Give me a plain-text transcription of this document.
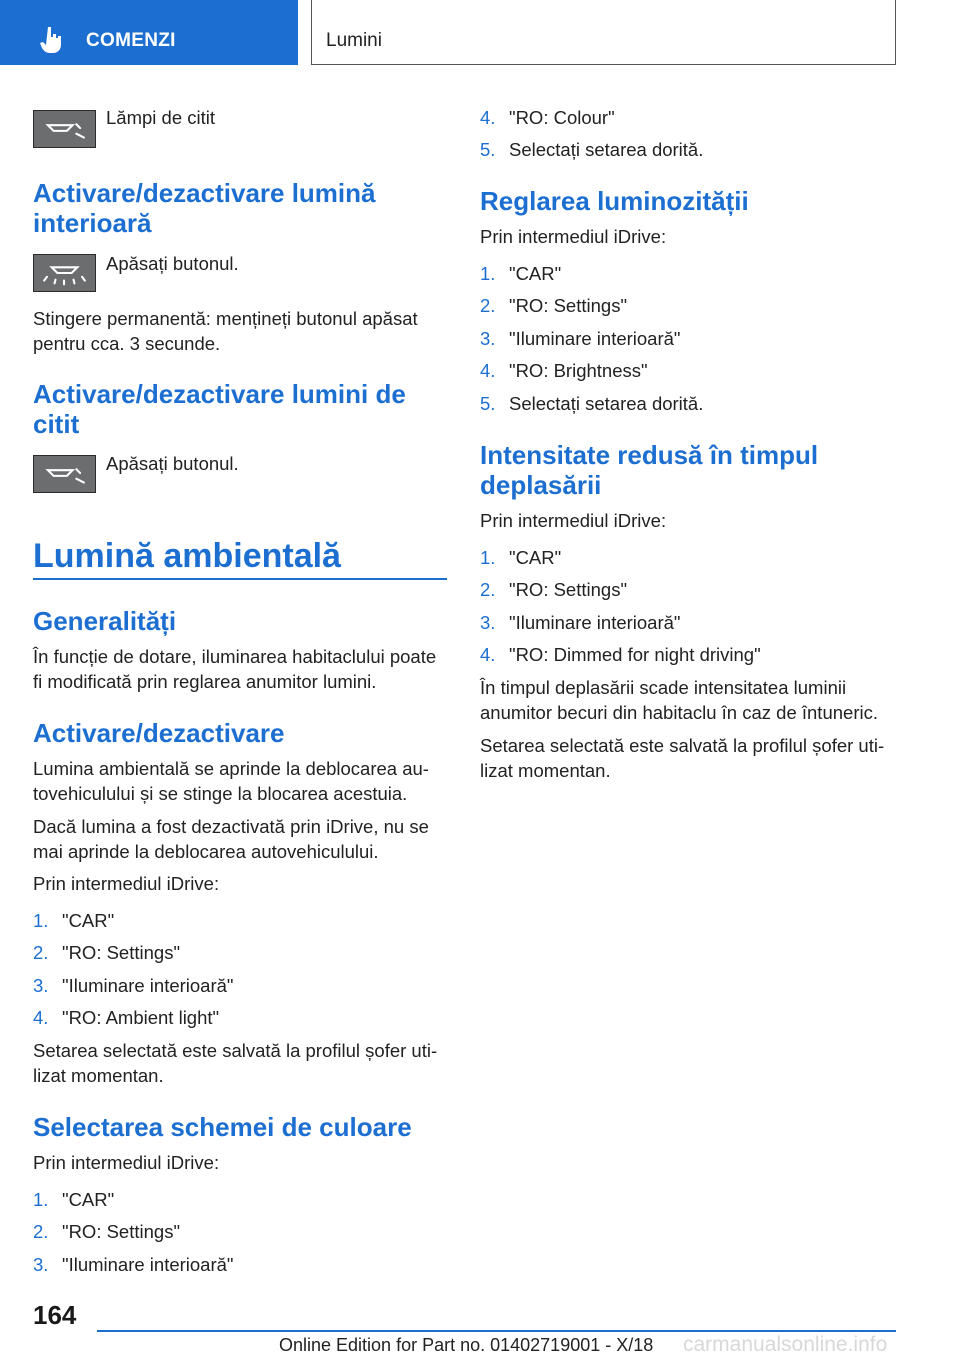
COMENZI	Lumini
Lămpi de citit
Activare/dezactivare lumină
interioară
Apăsați butonul.
Stingere permanentă: mențineți butonul apăsat
pentru cca. 3 secunde.
Activare/dezactivare lumini de
citit
Apăsați butonul.
Lumină ambientală
Generalități
În funcție de dotare, iluminarea habitaclului poate
fi modificată prin reglarea anumitor lumini.
Activare/dezactivare
Lumina ambientală se aprinde la deblocarea au-
tovehiculului și se stinge la blocarea acestuia.
Dacă lumina a fost dezactivată prin iDrive, nu se
mai aprinde la deblocarea autovehiculului.
Prin intermediul iDrive:
1. "CAR"
2. "RO: Settings"
3. "Iluminare interioară"
4. "RO: Ambient light"
Setarea selectată este salvată la profilul șofer uti-
lizat momentan.
Selectarea schemei de culoare
Prin intermediul iDrive:
1. "CAR"
2. "RO: Settings"
3. "Iluminare interioară"
4. "RO: Colour"
5. Selectați setarea dorită.
Reglarea luminozității
Prin intermediul iDrive:
1. "CAR"
2. "RO: Settings"
3. "Iluminare interioară"
4. "RO: Brightness"
5. Selectați setarea dorită.
Intensitate redusă în timpul
deplasării
Prin intermediul iDrive:
1. "CAR"
2. "RO: Settings"
3. "Iluminare interioară"
4. "RO: Dimmed for night driving"
În timpul deplasării scade intensitatea luminii
anumitor becuri din habitaclu în caz de întuneric.
Setarea selectată este salvată la profilul șofer uti-
lizat momentan.
164
Online Edition for Part no. 01402719001 - X/18 carmanualsonline.info
